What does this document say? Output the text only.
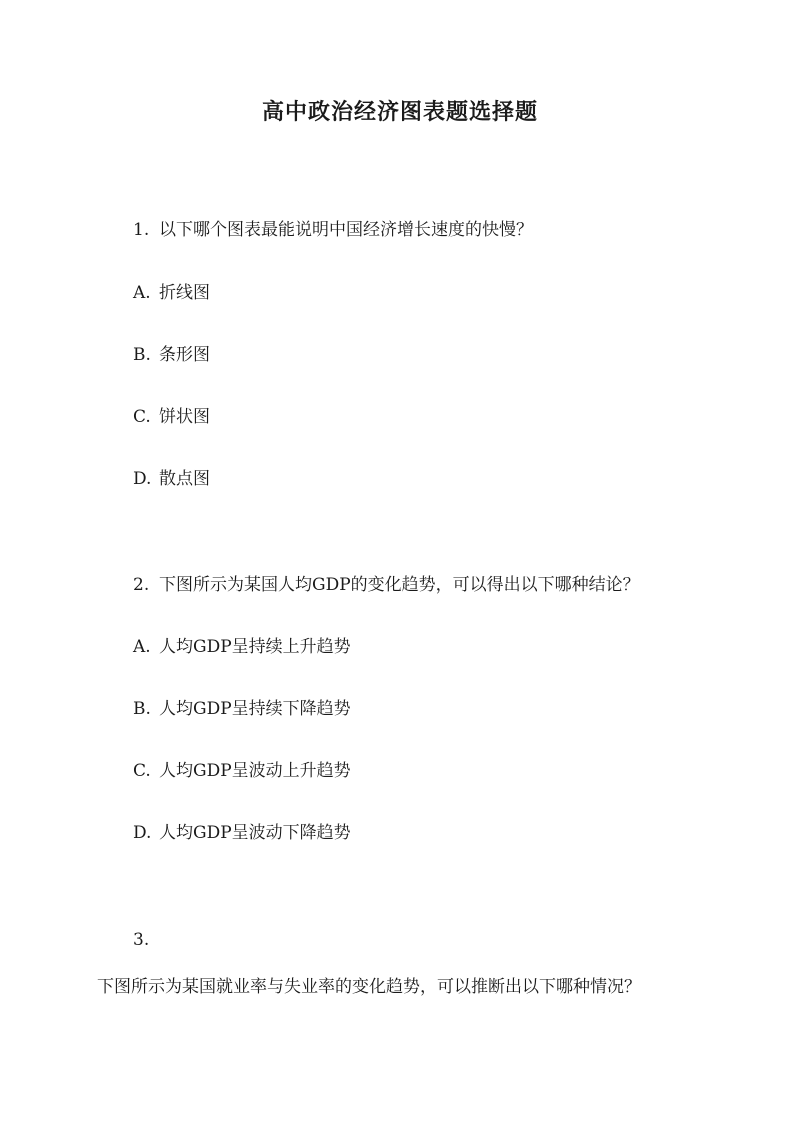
高中政治经济图表题选择题
1. 以下哪个图表最能说明中国经济增长速度的快慢？
A. 折线图
B. 条形图
C. 饼状图
D. 散点图
2. 下图所示为某国人均GDP的变化趋势，可以得出以下哪种结论？
A. 人均GDP呈持续上升趋势
B. 人均GDP呈持续下降趋势
C. 人均GDP呈波动上升趋势
D. 人均GDP呈波动下降趋势
3.
下图所示为某国就业率与失业率的变化趋势，可以推断出以下哪种情况？
